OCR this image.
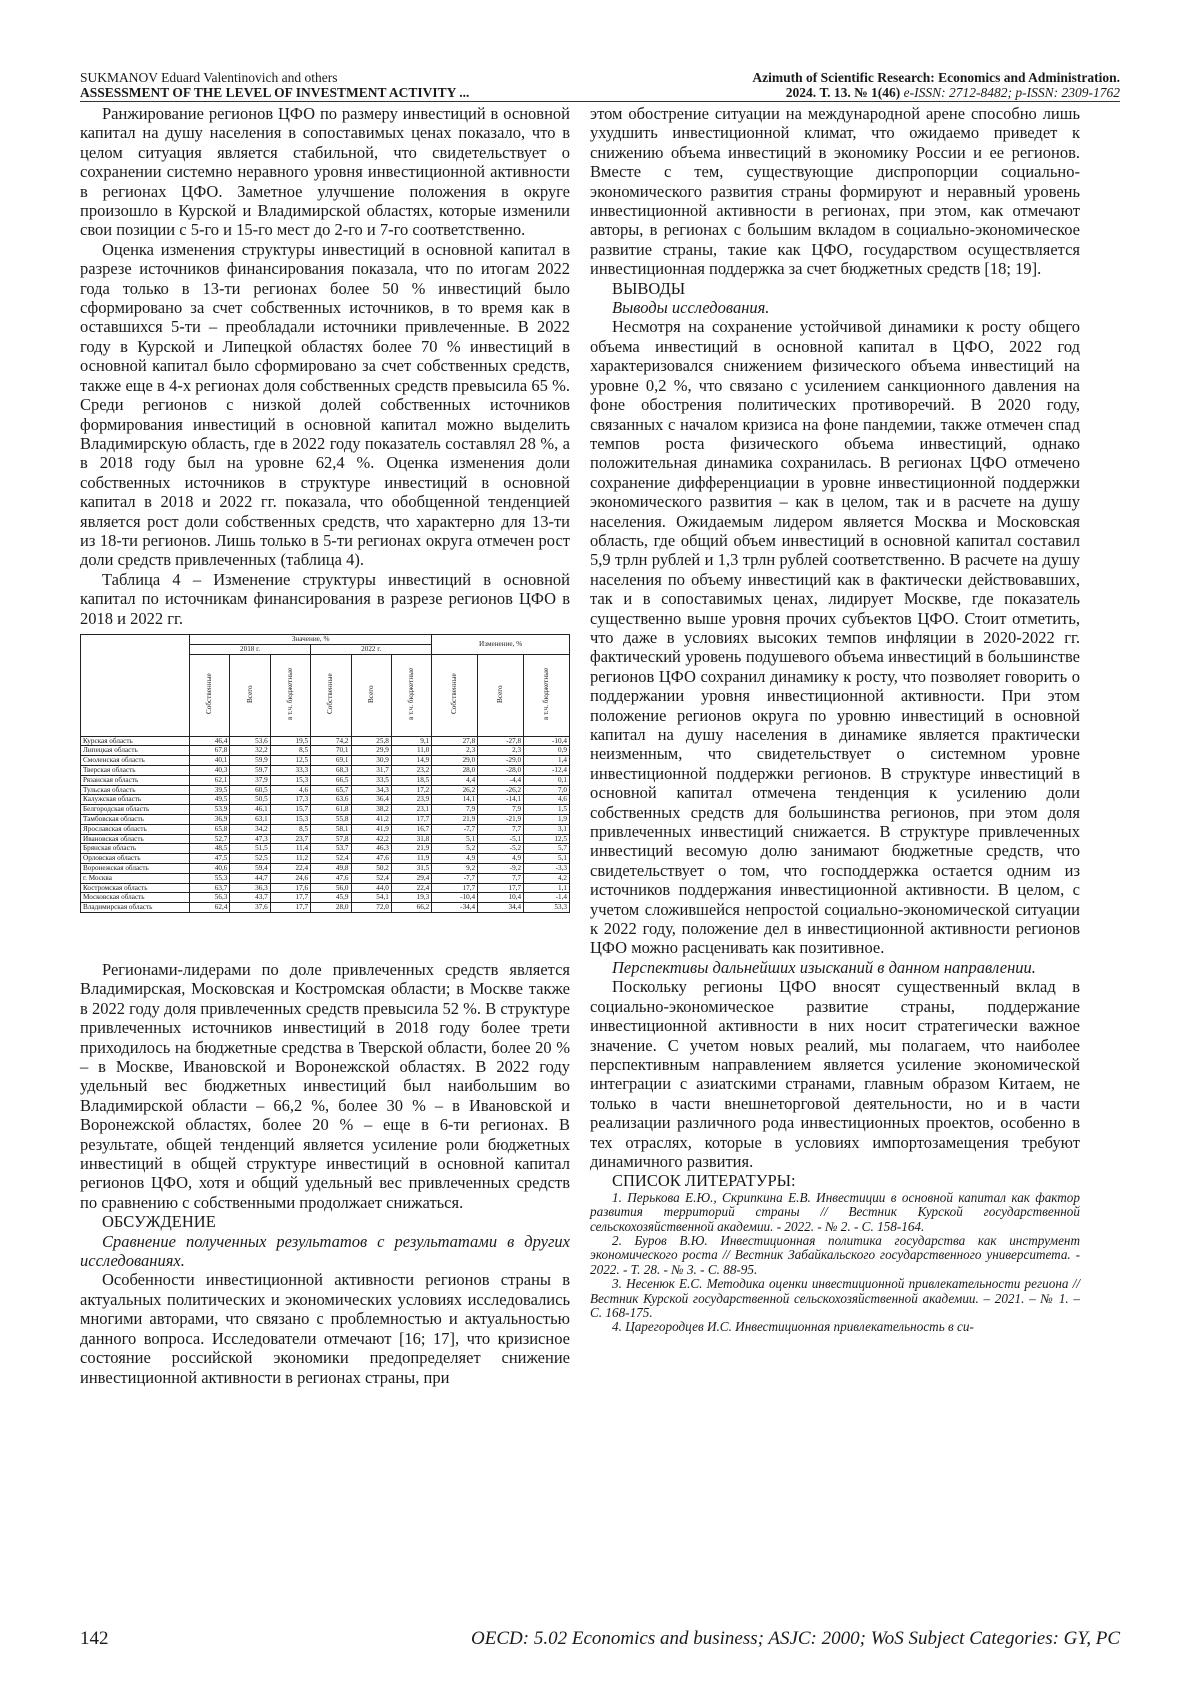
SUKMANOV Eduard Valentinovich and others
ASSESSMENT OF THE LEVEL OF INVESTMENT ACTIVITY ...
Azimuth of Scientific Research: Economics and Administration.
2024. Т. 13. № 1(46) e-ISSN: 2712-8482; p-ISSN: 2309-1762

Ранжирование регионов ЦФО по размеру инвестиций в основной капитал на душу населения в сопоставимых ценах показало, что в целом ситуация является стабильной, что свидетельствует о сохранении системно неравного уровня инвестиционной активности в регионах ЦФО. Заметное улучшение положения в округе произошло в Курской и Владимирской областях, которые изменили свои позиции с 5-го и 15-го мест до 2-го и 7-го соответственно.

Оценка изменения структуры инвестиций в основной капитал в разрезе источников финансирования показала, что по итогам 2022 года только в 13-ти регионах более 50 % инвестиций было сформировано за счет собственных источников, в то время как в оставшихся 5-ти – преобладали источники привлеченные. В 2022 году в Курской и Липецкой областях более 70 % инвестиций в основной капитал было сформировано за счет собственных средств, также еще в 4-х регионах доля собственных средств превысила 65 %. Среди регионов с низкой долей собственных источников формирования инвестиций в основной капитал можно выделить Владимирскую область, где в 2022 году показатель составлял 28 %, а в 2018 году был на уровне 62,4 %. Оценка изменения доли собственных источников в структуре инвестиций в основной капитал в 2018 и 2022 гг. показала, что обобщенной тенденцией является рост доли собственных средств, что характерно для 13-ти из 18-ти регионов. Лишь только в 5-ти регионах округа отмечен рост доли средств привлеченных (таблица 4).

Таблица 4 – Изменение структуры инвестиций в основной капитал по источникам финансирования в разрезе регионов ЦФО в 2018 и 2022 гг.

	Значение, %						Изменение, %		
	2018 г.			2022 г.					
	Собственные	Всего	в т.ч. бюджетные	Собственные	Всего	в т.ч. бюджетные	Собственные	Всего	в т.ч. бюджетные
Курская область	46,4	53,6	19,5	74,2	25,8	9,1	27,8	-27,8	-10,4
Липецкая область	67,8	32,2	8,5	70,1	29,9	11,0	2,3	2,3	0,9
Смоленская область	40,1	59,9	12,5	69,1	30,9	14,9	29,0	-29,0	1,4
Тверская область	40,3	59,7	33,3	68,3	31,7	23,2	28,0	-28,0	-12,4
Рязанская область	62,1	37,9	15,3	66,5	33,5	18,5	4,4	-4,4	0,1
Тульская область	39,5	60,5	4,6	65,7	34,3	17,2	26,2	-26,2	7,0
Калужская область	49,5	50,5	17,3	63,6	36,4	23,9	14,1	-14,1	4,6
Белгородская область	53,9	46,1	15,7	61,8	38,2	23,1	7,9	7,9	1,5
Тамбовская область	36,9	63,1	15,3	55,8	41,2	17,7	21,9	-21,9	1,9
Ярославская область	65,8	34,2	8,5	58,1	41,9	16,7	-7,7	7,7	3,1
Ивановская область	52,7	47,3	23,7	57,8	42,2	31,8	5,1	-5,1	12,5
Брянская область	48,5	51,5	11,4	53,7	46,3	21,9	5,2	-5,2	5,7
Орловская область	47,5	52,5	11,2	52,4	47,6	11,9	4,9	4,9	5,1
Воронежская область	40,6	59,4	22,4	49,8	50,2	31,5	9,2	-9,2	-3,3
г. Москва	55,3	44,7	24,6	47,6	52,4	29,4	-7,7	7,7	4,2
Костромская область	63,7	36,3	17,6	56,0	44,0	22,4	17,7	17,7	1,1
Московская область	56,3	43,7	17,7	45,9	54,1	19,3	-10,4	10,4	-1,4
Владимирская область	62,4	37,6	17,7	28,0	72,0	66,2	-34,4	34,4	53,3

Регионами-лидерами по доле привлеченных средств является Владимирская, Московская и Костромская области; в Москве также в 2022 году доля привлеченных средств превысила 52 %. В структуре привлеченных источников инвестиций в 2018 году более трети приходилось на бюджетные средства в Тверской области, более 20 % – в Москве, Ивановской и Воронежской областях. В 2022 году удельный вес бюджетных инвестиций был наибольшим во Владимирской области – 66,2 %, более 30 % – в Ивановской и Воронежской областях, более 20 % – еще в 6-ти регионах. В результате, общей тенденций является усиление роли бюджетных инвестиций в общей структуре инвестиций в основной капитал регионов ЦФО, хотя и общий удельный вес привлеченных средств по сравнению с собственными продолжает снижаться.

ОБСУЖДЕНИЕ

Сравнение полученных результатов с результатами в других исследованиях.

Особенности инвестиционной активности регионов страны в актуальных политических и экономических условиях исследовались многими авторами, что связано с проблемностью и актуальностью данного вопроса. Исследователи отмечают [16; 17], что кризисное состояние российской экономики предопределяет снижение инвестиционной активности в регионах страны, при

этом обострение ситуации на международной арене способно лишь ухудшить инвестиционной климат, что ожидаемо приведет к снижению объема инвестиций в экономику России и ее регионов. Вместе с тем, существующие диспропорции социально-экономического развития страны формируют и неравный уровень инвестиционной активности в регионах, при этом, как отмечают авторы, в регионах с большим вкладом в социально-экономическое развитие страны, такие как ЦФО, государством осуществляется инвестиционная поддержка за счет бюджетных средств [18; 19].

ВЫВОДЫ

Выводы исследования.

Несмотря на сохранение устойчивой динамики к росту общего объема инвестиций в основной капитал в ЦФО, 2022 год характеризовался снижением физического объема инвестиций на уровне 0,2 %, что связано с усилением санкционного давления на фоне обострения политических противоречий. В 2020 году, связанных с началом кризиса на фоне пандемии, также отмечен спад темпов роста физического объема инвестиций, однако положительная динамика сохранилась. В регионах ЦФО отмечено сохранение дифференциации в уровне инвестиционной поддержки экономического развития – как в целом, так и в расчете на душу населения. Ожидаемым лидером является Москва и Московская область, где общий объем инвестиций в основной капитал составил 5,9 трлн рублей и 1,3 трлн рублей соответственно. В расчете на душу населения по объему инвестиций как в фактически действовавших, так и в сопоставимых ценах, лидирует Москве, где показатель существенно выше уровня прочих субъектов ЦФО. Стоит отметить, что даже в условиях высоких темпов инфляции в 2020-2022 гг. фактический уровень подушевого объема инвестиций в большинстве регионов ЦФО сохранил динамику к росту, что позволяет говорить о поддержании уровня инвестиционной активности. При этом положение регионов округа по уровню инвестиций в основной капитал на душу населения в динамике является практически неизменным, что свидетельствует о системном уровне инвестиционной поддержки регионов. В структуре инвестиций в основной капитал отмечена тенденция к усилению доли собственных средств для большинства регионов, при этом доля привлеченных инвестиций снижается. В структуре привлеченных инвестиций весомую долю занимают бюджетные средств, что свидетельствует о том, что господдержка остается одним из источников поддержания инвестиционной активности. В целом, с учетом сложившейся непростой социально-экономической ситуации к 2022 году, положение дел в инвестиционной активности регионов ЦФО можно расценивать как позитивное.

Перспективы дальнейших изысканий в данном направлении.

Поскольку регионы ЦФО вносят существенный вклад в социально-экономическое развитие страны, поддержание инвестиционной активности в них носит стратегически важное значение. С учетом новых реалий, мы полагаем, что наиболее перспективным направлением является усиление экономической интеграции с азиатскими странами, главным образом Китаем, не только в части внешнеторговой деятельности, но и в части реализации различного рода инвестиционных проектов, особенно в тех отраслях, которые в условиях импортозамещения требуют динамичного развития.

СПИСОК ЛИТЕРАТУРЫ:

1. Перькова Е.Ю., Скрипкина Е.В. Инвестиции в основной капитал как фактор развития территорий страны // Вестник Курской государственной сельскохозяйственной академии. - 2022. - № 2. - С. 158-164.

2. Буров В.Ю. Инвестиционная политика государства как инструмент экономического роста // Вестник Забайкальского государственного университета. - 2022. - Т. 28. - № 3. - С. 88-95.

3. Несенюк Е.С. Методика оценки инвестиционной привлекательности региона // Вестник Курской государственной сельскохозяйственной академии. – 2021. – № 1. – С. 168-175.

4. Царегородцев И.С. Инвестиционная привлекательность в си-

142	OECD: 5.02 Economics and business; ASJC: 2000; WoS Subject Categories: GY, PC
